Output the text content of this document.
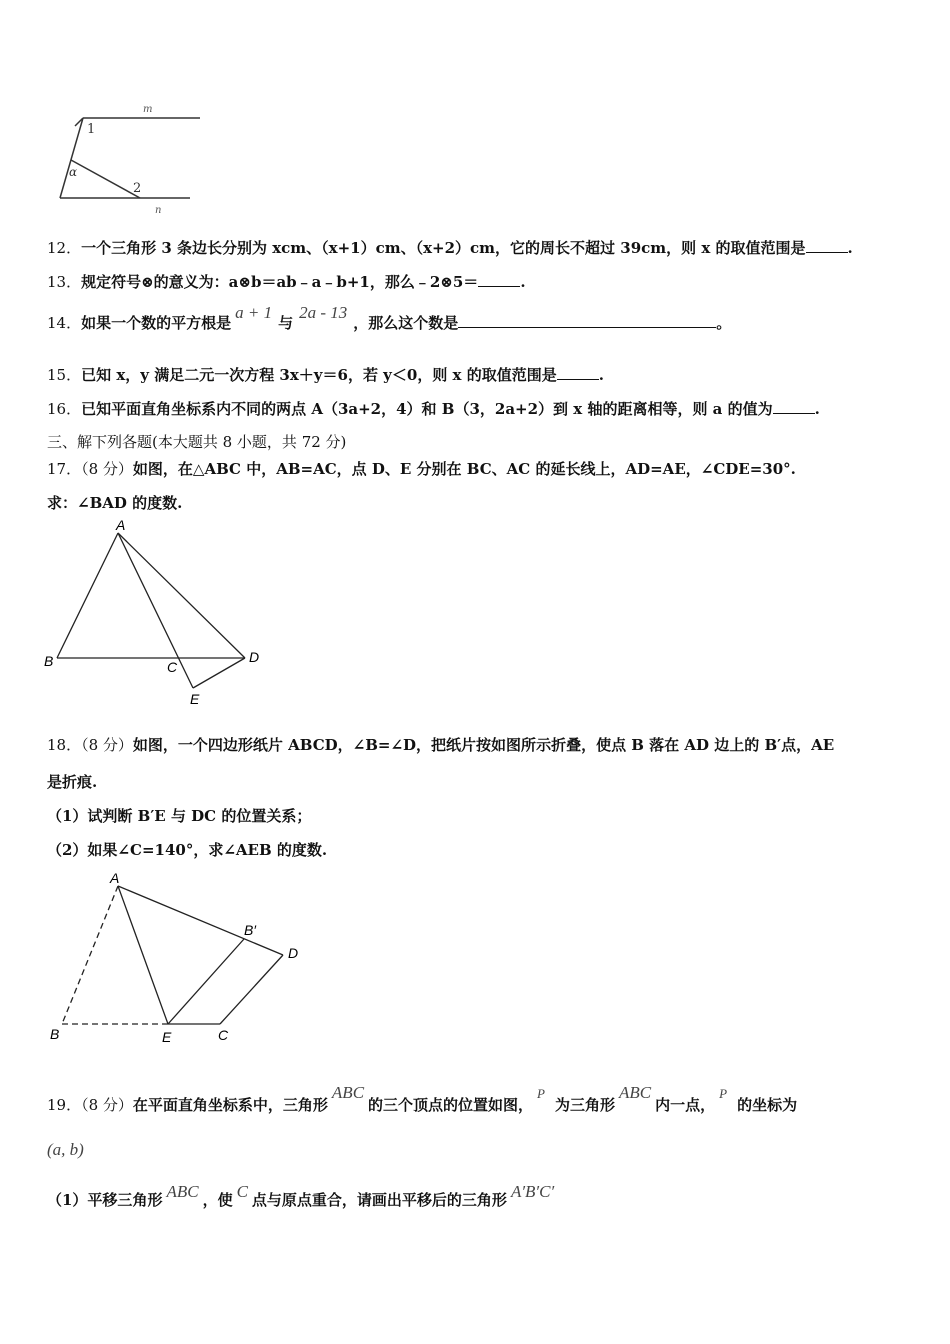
m
n
1
2
α
12．一个三角形 3 条边长分别为 xcm、（x+1）cm、（x+2）cm，它的周长不超过 39cm，则 x 的取值范围是	.
13．规定符号⊗的意义为：a⊗b＝ab﹣a﹣b+1，那么﹣2⊗5＝	.
14．如果一个数的平方根是a + 1与2a - 13，那么这个数是	。
15．已知 x，y 满足二元一次方程 3x＋y＝6，若 y＜0，则 x 的取值范围是	.
16．已知平面直角坐标系内不同的两点 A（3a+2，4）和 B（3，2a+2）到 x 轴的距离相等，则 a 的值为	.
三、解下列各题(本大题共 8 小题，共 72 分)
17．（8 分）如图，在△ABC 中，AB=AC，点 D、E 分别在 BC、AC 的延长线上，AD=AE，∠CDE=30°.
求：∠BAD 的度数.
A
B	C
D
E
18．（8 分）如图，一个四边形纸片 ABCD，∠B=∠D，把纸片按如图所示折叠，使点 B 落在 AD 边上的 B′点，AE
是折痕.
（1）试判断 B′E 与 DC 的位置关系；
（2）如果∠C=140°，求∠AEB 的度数.
A
B
B′
D
E	C
19．（8 分）在平面直角坐标系中，三角形ABC的三个顶点的位置如图，P为三角形ABC内一点，P的坐标为
(a, b)
（1）平移三角形 ABC ，使 C 点与原点重合，请画出平移后的三角形 A′B′C′
